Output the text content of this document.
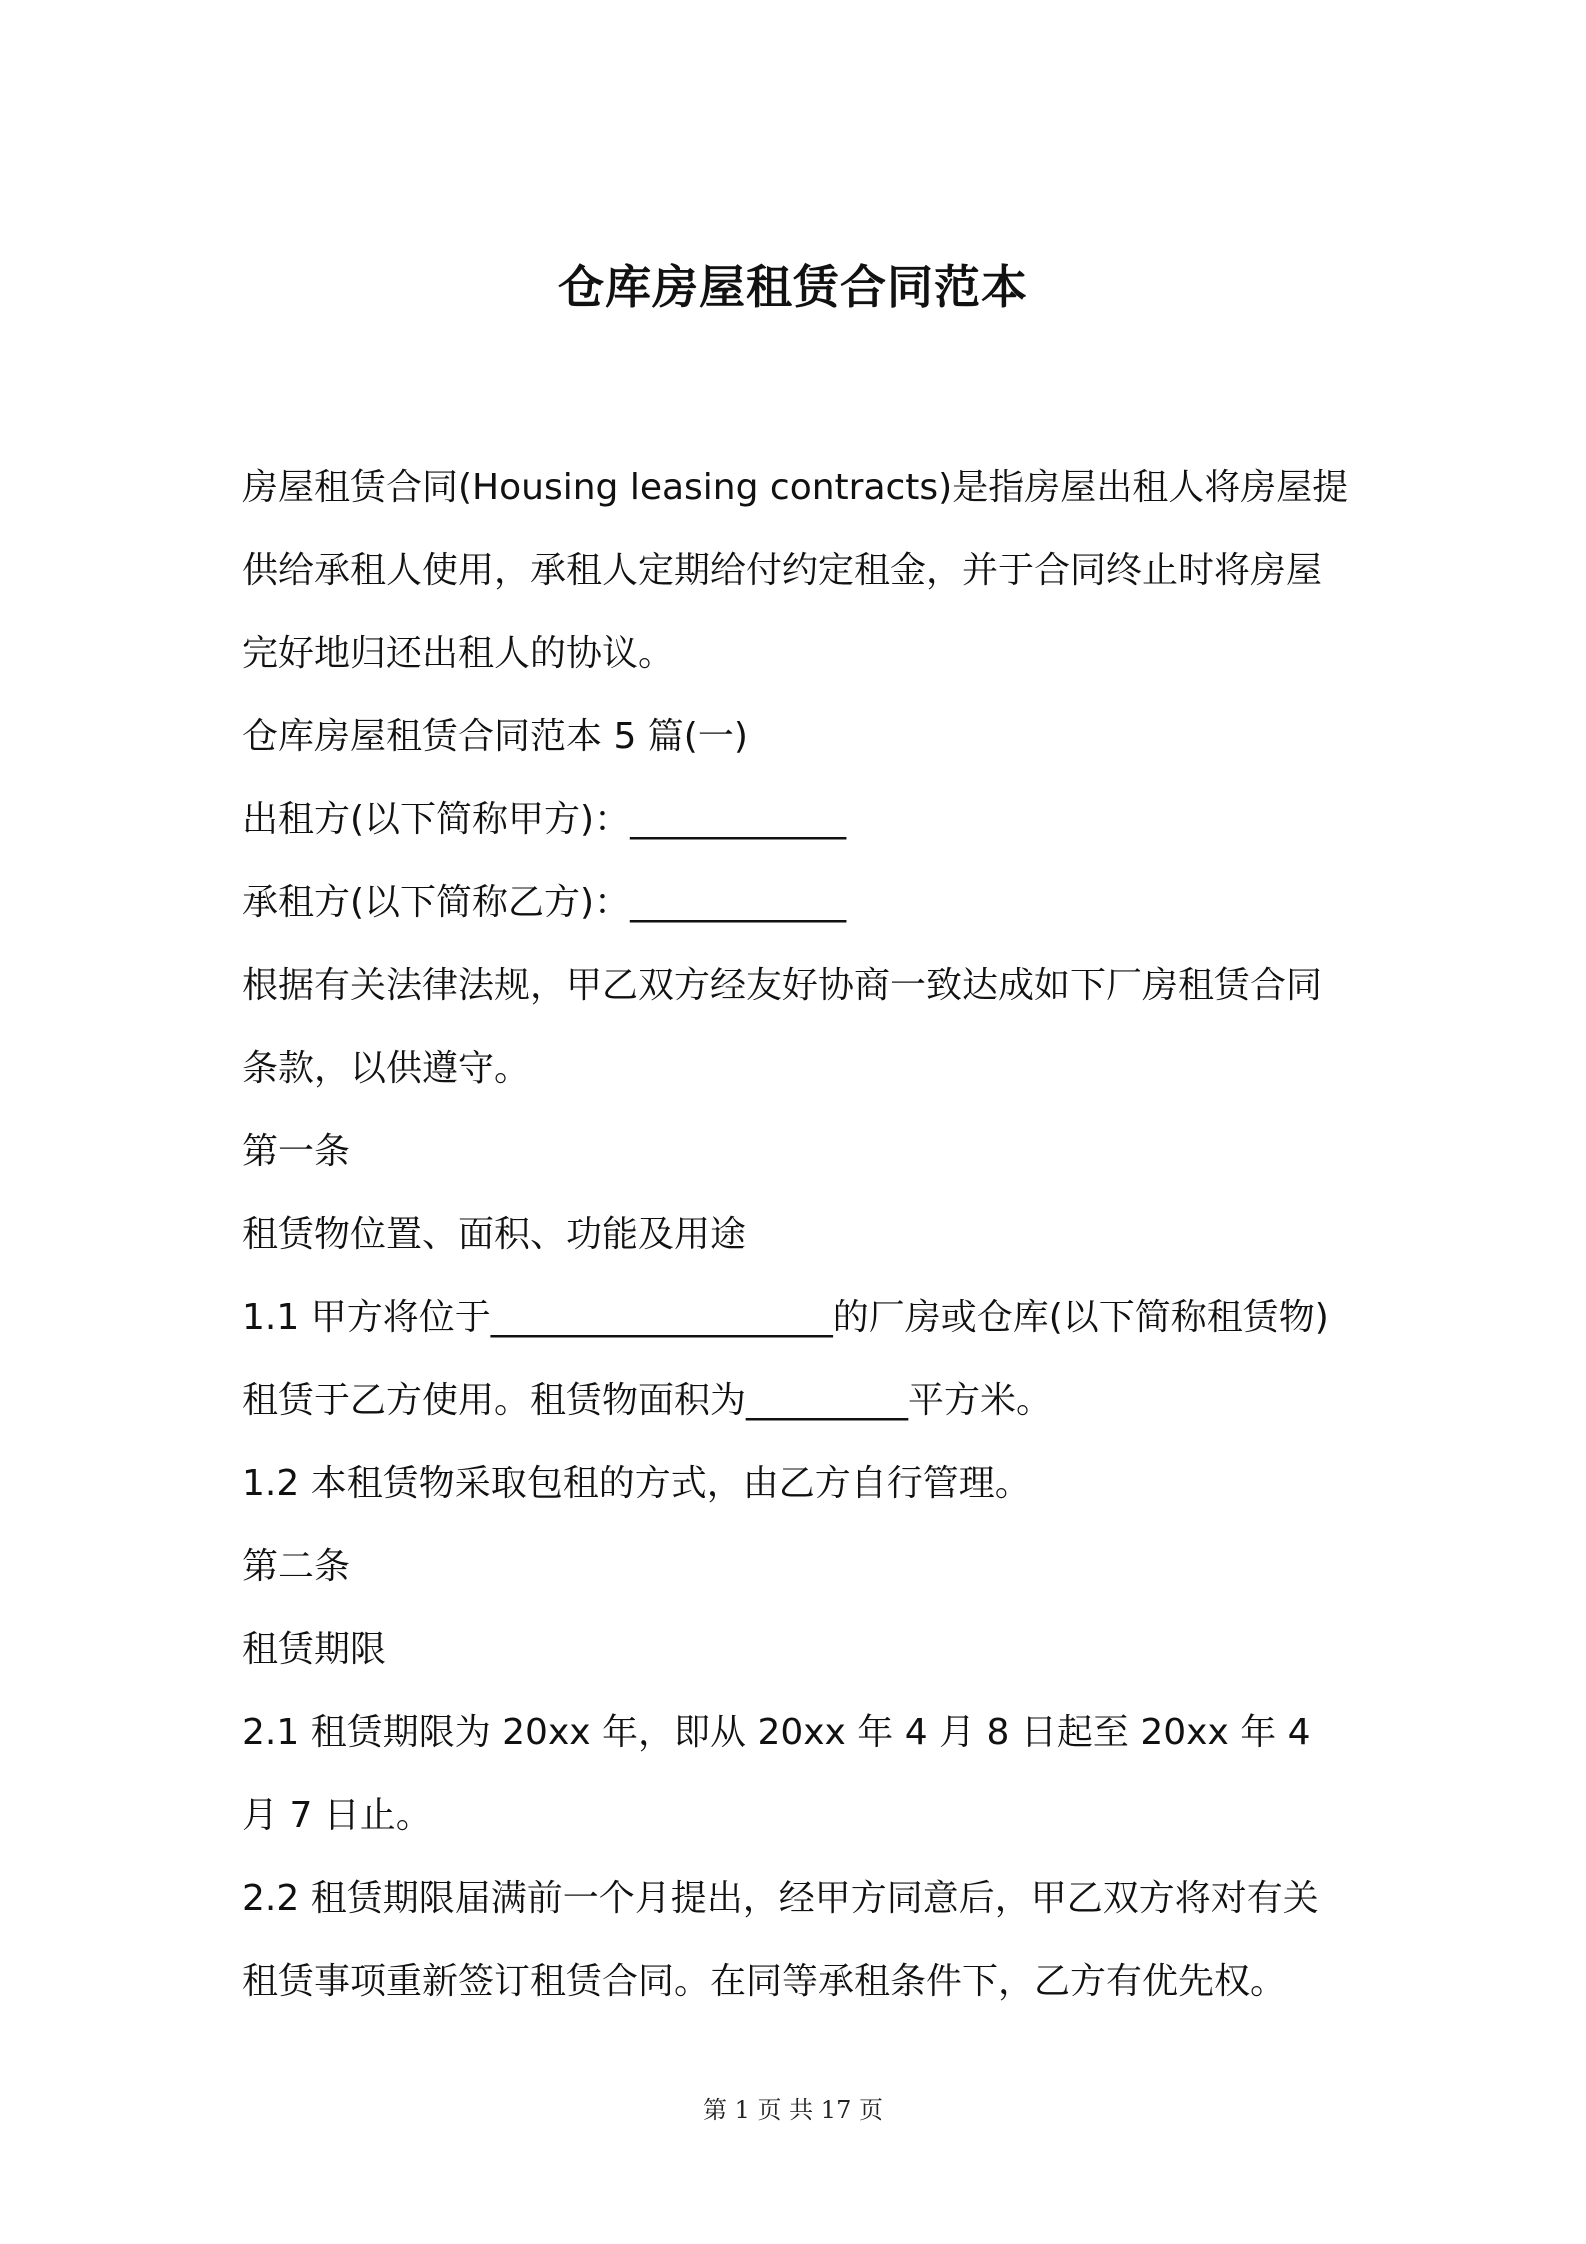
仓库房屋租赁合同范本

房屋租赁合同(Housing leasing contracts)是指房屋出租人将房屋提供给承租人使用，承租人定期给付约定租金，并于合同终止时将房屋完好地归还出租人的协议。

仓库房屋租赁合同范本 5 篇(一)

出租方(以下简称甲方)：____________

承租方(以下简称乙方)：____________

根据有关法律法规，甲乙双方经友好协商一致达成如下厂房租赁合同条款，以供遵守。

第一条

租赁物位置、面积、功能及用途

1.1 甲方将位于___________________的厂房或仓库(以下简称租赁物)租赁于乙方使用。租赁物面积为_________平方米。

1.2 本租赁物采取包租的方式，由乙方自行管理。

第二条

租赁期限

2.1 租赁期限为 20xx 年，即从 20xx 年 4 月 8 日起至 20xx 年 4 月 7 日止。

2.2 租赁期限届满前一个月提出，经甲方同意后，甲乙双方将对有关租赁事项重新签订租赁合同。在同等承租条件下，乙方有优先权。

第 1 页 共 17 页
